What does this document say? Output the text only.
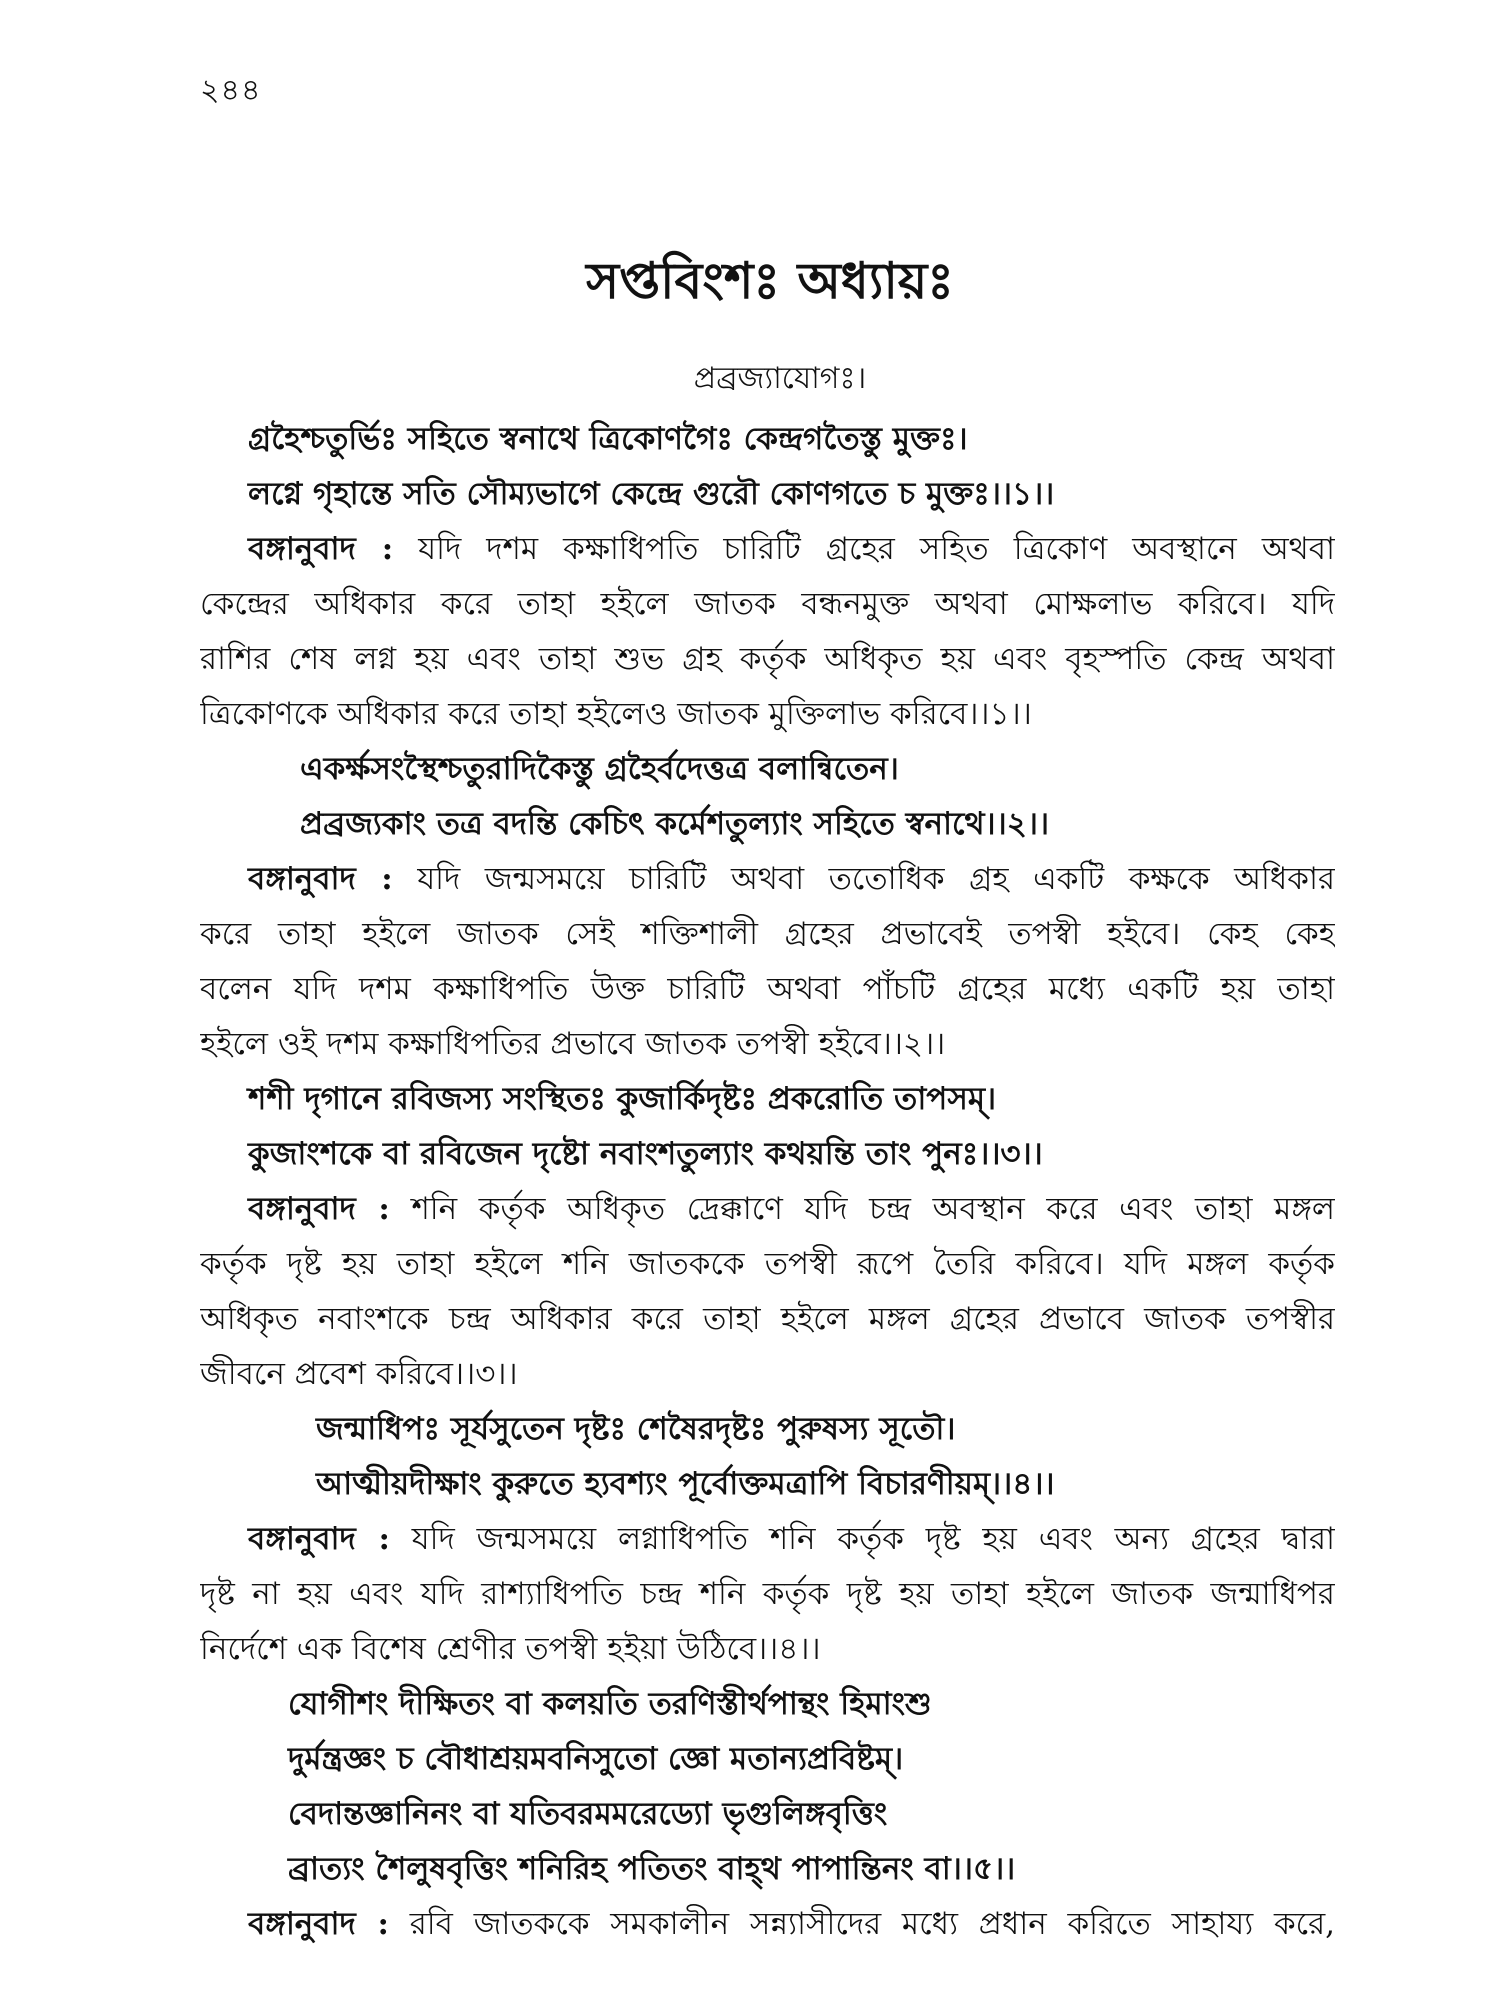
২৪৪
সপ্তবিংশঃ অধ্যায়ঃ
প্রব্রজ্যাযোগঃ।
গ্রহৈশ্চতুর্ভিঃ সহিতে স্বনাথে ত্রিকোণগৈঃ কেন্দ্রগতৈস্তু মুক্তঃ।
লগ্নে গৃহান্তে সতি সৌম্যভাগে কেন্দ্রে গুরৌ কোণগতে চ মুক্তঃ।।১।।
বঙ্গানুবাদ : যদি দশম কক্ষাধিপতি চারিটি গ্রহের সহিত ত্রিকোণ অবস্থানে অথবা
কেন্দ্রের অধিকার করে তাহা হইলে জাতক বন্ধনমুক্ত অথবা মোক্ষলাভ করিবে। যদি
রাশির শেষ লগ্ন হয় এবং তাহা শুভ গ্রহ কর্তৃক অধিকৃত হয় এবং বৃহস্পতি কেন্দ্র অথবা
ত্রিকোণকে অধিকার করে তাহা হইলেও জাতক মুক্তিলাভ করিবে।।১।।
একর্ক্ষসংস্থৈশ্চতুরাদিকৈস্তু গ্রহৈর্বদেত্তত্র বলান্বিতেন।
প্রব্রজ্যকাং তত্র বদন্তি কেচিৎ কর্মেশতুল্যাং সহিতে স্বনাথে।।২।।
বঙ্গানুবাদ : যদি জন্মসময়ে চারিটি অথবা ততোধিক গ্রহ একটি কক্ষকে অধিকার
করে তাহা হইলে জাতক সেই শক্তিশালী গ্রহের প্রভাবেই তপস্বী হইবে। কেহ কেহ
বলেন যদি দশম কক্ষাধিপতি উক্ত চারিটি অথবা পাঁচটি গ্রহের মধ্যে একটি হয় তাহা
হইলে ওই দশম কক্ষাধিপতির প্রভাবে জাতক তপস্বী হইবে।।২।।
শশী দৃগানে রবিজস্য সংস্থিতঃ কুজার্কিদৃষ্টঃ প্রকরোতি তাপসম্।
কুজাংশকে বা রবিজেন দৃষ্টো নবাংশতুল্যাং কথয়ন্তি তাং পুনঃ।।৩।।
বঙ্গানুবাদ : শনি কর্তৃক অধিকৃত দ্রেক্কাণে যদি চন্দ্র অবস্থান করে এবং তাহা মঙ্গল
কর্তৃক দৃষ্ট হয় তাহা হইলে শনি জাতককে তপস্বী রূপে তৈরি করিবে। যদি মঙ্গল কর্তৃক
অধিকৃত নবাংশকে চন্দ্র অধিকার করে তাহা হইলে মঙ্গল গ্রহের প্রভাবে জাতক তপস্বীর
জীবনে প্রবেশ করিবে।।৩।।
জন্মাধিপঃ সূর্যসুতেন দৃষ্টঃ শেষৈরদৃষ্টঃ পুরুষস্য সূতৌ।
আত্মীয়দীক্ষাং কুরুতে হ্যবশ্যং পূর্বোক্তমত্রাপি বিচারণীয়ম্।।৪।।
বঙ্গানুবাদ : যদি জন্মসময়ে লগ্নাধিপতি শনি কর্তৃক দৃষ্ট হয় এবং অন্য গ্রহের দ্বারা
দৃষ্ট না হয় এবং যদি রাশ্যাধিপতি চন্দ্র শনি কর্তৃক দৃষ্ট হয় তাহা হইলে জাতক জন্মাধিপর
নির্দেশে এক বিশেষ শ্রেণীর তপস্বী হইয়া উঠিবে।।৪।।
যোগীশং দীক্ষিতং বা কলয়তি তরণিস্তীর্থপান্থং হিমাংশু
দুর্মন্ত্রজ্ঞং চ বৌধাশ্রয়মবনিসুতো জ্ঞো মতান্যপ্রবিষ্টম্।
বেদান্তজ্ঞানিনং বা যতিবরমমরেড্যো ভৃগুলিঙ্গবৃত্তিং
ব্রাত্যং শৈলুষবৃত্তিং শনিরিহ পতিতং বাহ্থ পাপান্তিনং বা।।৫।।
বঙ্গানুবাদ : রবি জাতককে সমকালীন সন্ন্যাসীদের মধ্যে প্রধান করিতে সাহায্য করে,
